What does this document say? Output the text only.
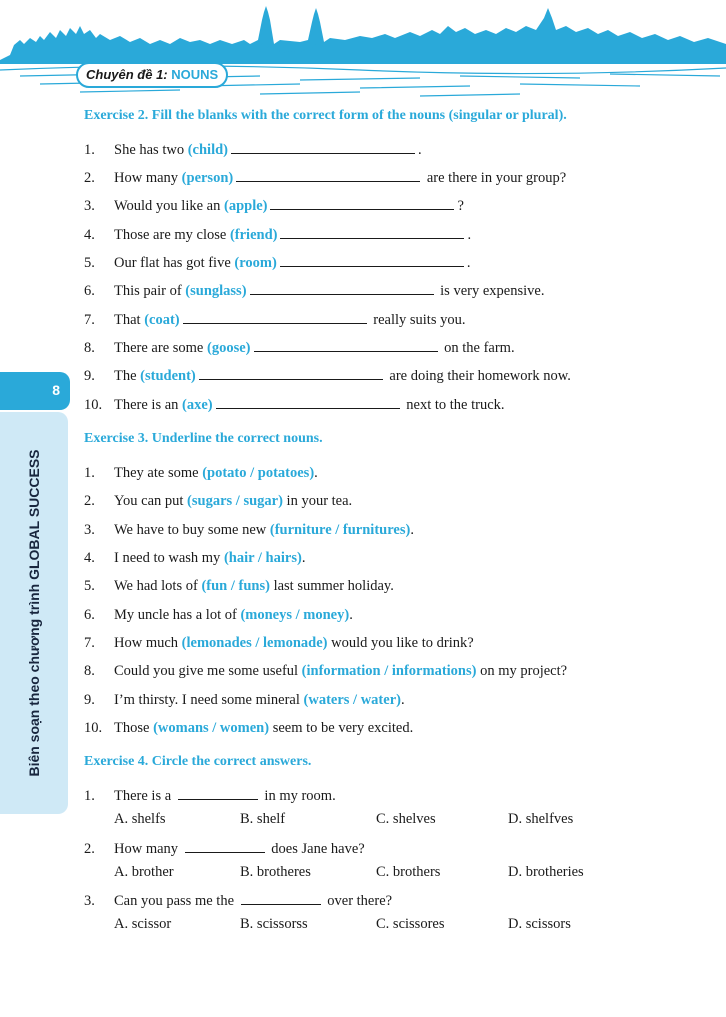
Chuyên đề 1: NOUNS
8
Biên soạn theo chương trình GLOBAL SUCCESS
Exercise 2. Fill the blanks with the correct form of the nouns (singular or plural).
1. She has two (child)	.
2. How many (person)	are there in your group?
3. Would you like an (apple)	?
4. Those are my close (friend)	.
5. Our flat has got five (room)	.
6. This pair of (sunglass)	is very expensive.
7. That (coat)	really suits you.
8. There are some (goose)	on the farm.
9. The (student)	are doing their homework now.
10. There is an (axe)	next to the truck.
Exercise 3. Underline the correct nouns.
1. They ate some (potato / potatoes).
2. You can put (sugars / sugar) in your tea.
3. We have to buy some new (furniture / furnitures).
4. I need to wash my (hair / hairs).
5. We had lots of (fun / funs) last summer holiday.
6. My uncle has a lot of (moneys / money).
7. How much (lemonades / lemonade) would you like to drink?
8. Could you give me some useful (information / informations) on my project?
9. I’m thirsty. I need some mineral (waters / water).
10. Those (womans / women) seem to be very excited.
Exercise 4. Circle the correct answers.
1. There is a	in my room.
A. shelfs	B. shelf	C. shelves	D. shelfves
2. How many	does Jane have?
A. brother	B. brotheres	C. brothers	D. brotheries
3. Can you pass me the	over there?
A. scissor	B. scissorss	C. scissores	D. scissors
